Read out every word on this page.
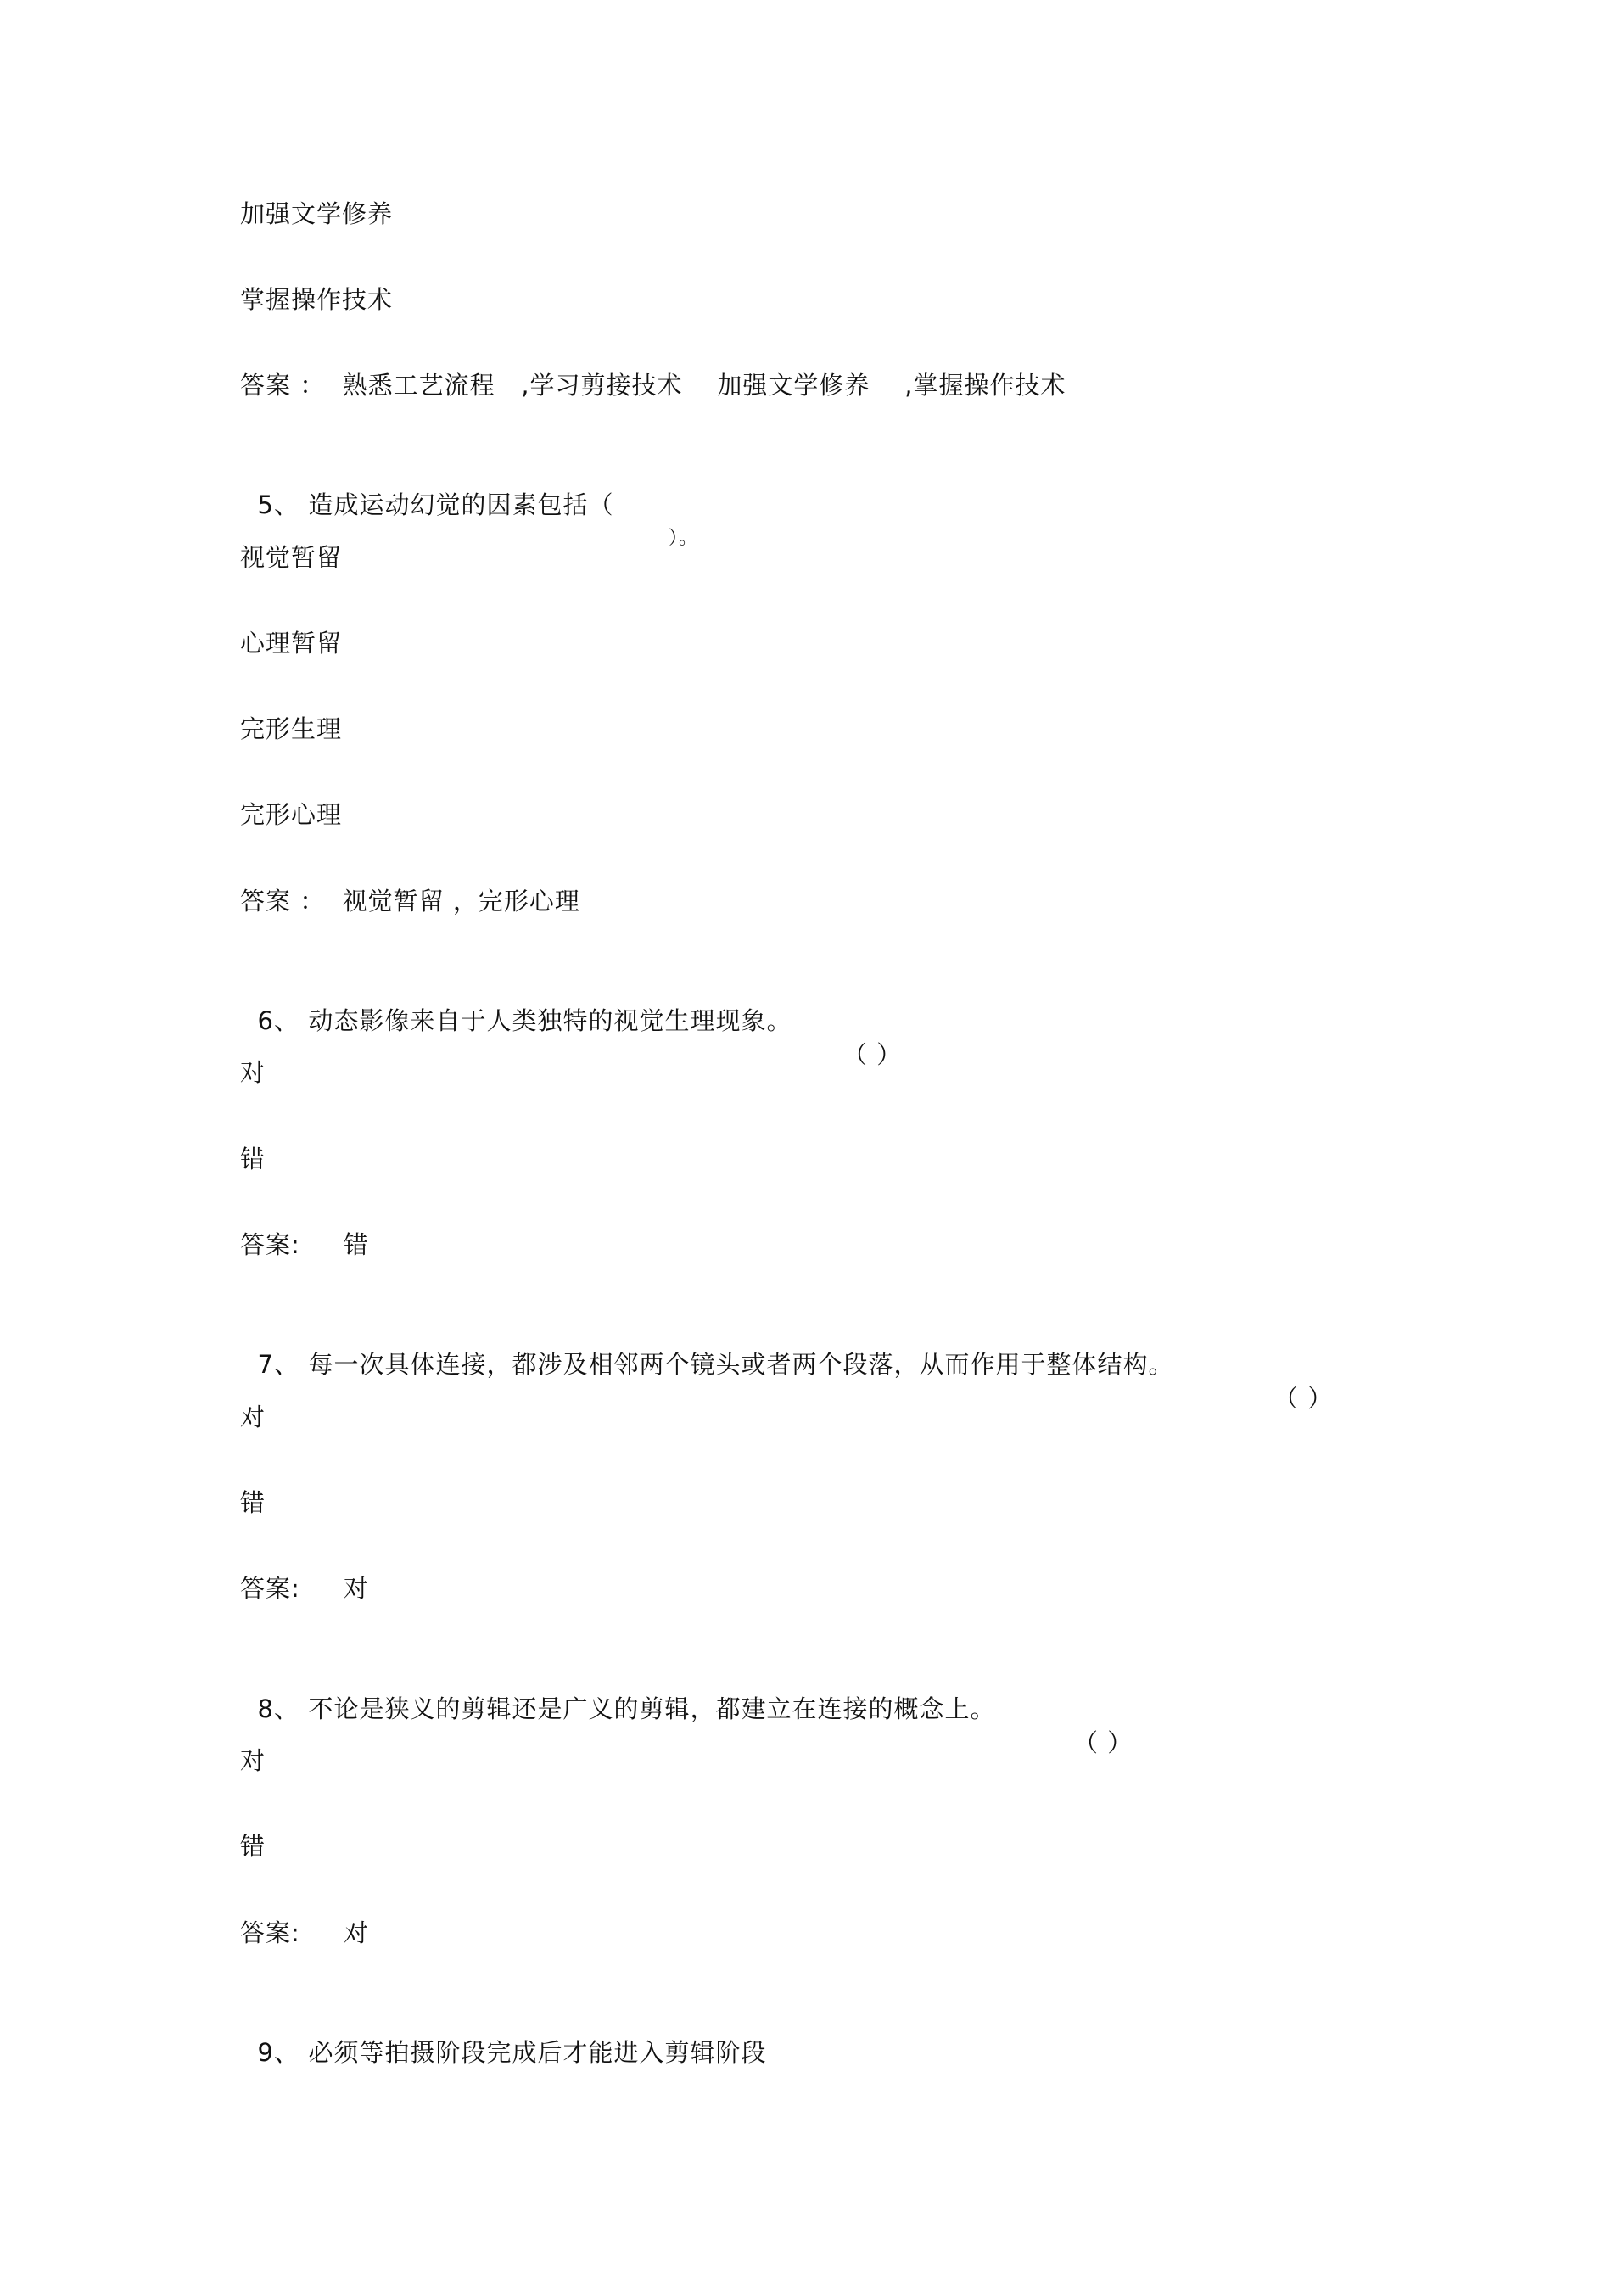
加强文学修养
掌握操作技术
答案 ：  熟悉工艺流程   ,学习剪接技术    加强文学修养    ,掌握操作技术

5、 造成运动幻觉的因素包括（

）。

视觉暂留
心理暂留
完形生理
完形心理
答案 ：  视觉暂留 ，完形心理

6、 动态影像来自于人类独特的视觉生理现象。

（ ）

对
错
答案:     错

7、 每一次具体连接，都涉及相邻两个镜头或者两个段落，从而作用于整体结构。

（ ）

对
错
答案:     对

8、 不论是狭义的剪辑还是广义的剪辑，都建立在连接的概念上。

（ ）

对
错
答案:     对

9、 必须等拍摄阶段完成后才能进入剪辑阶段
